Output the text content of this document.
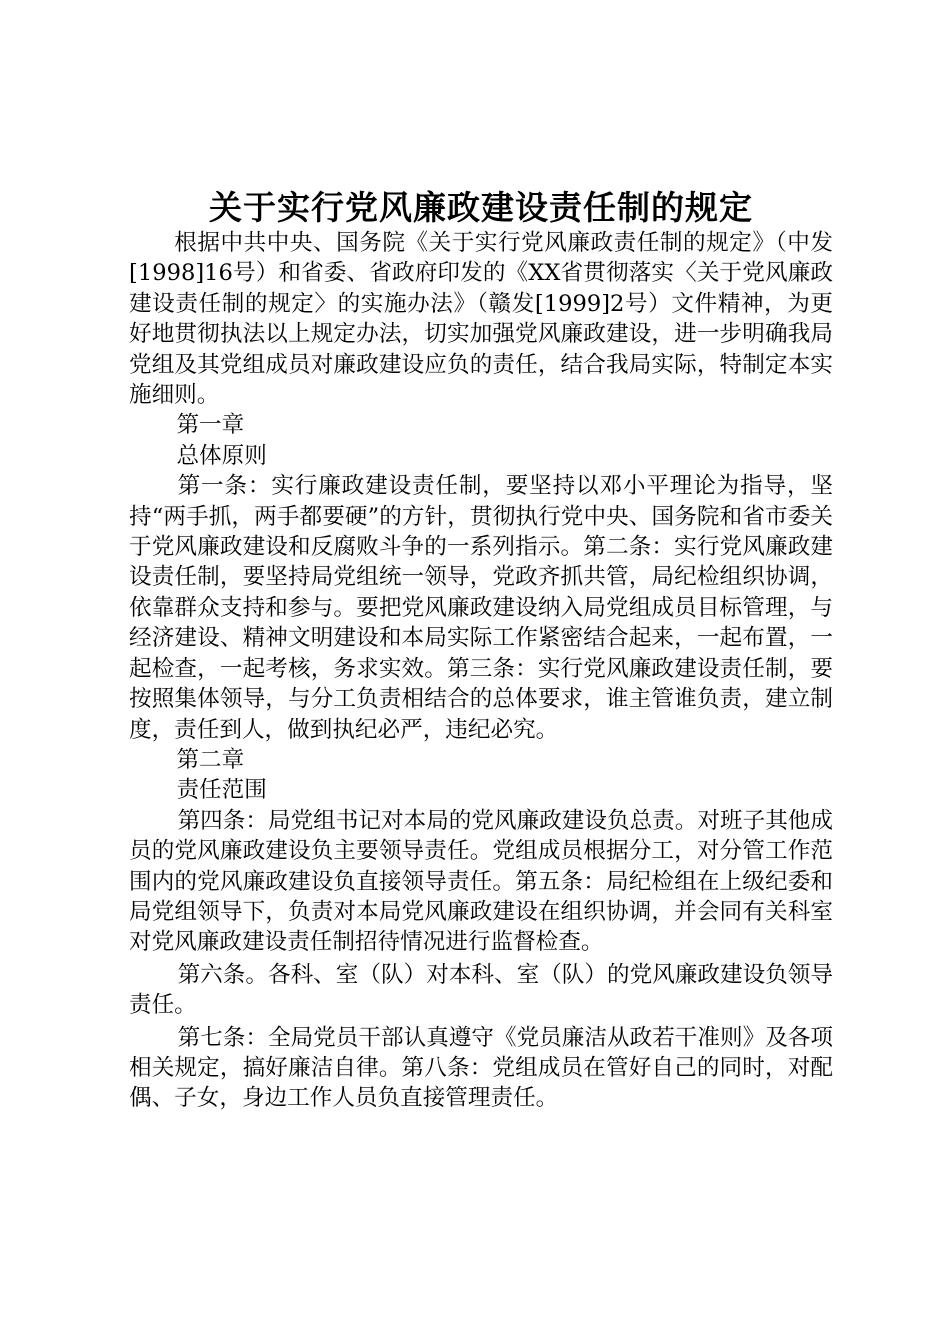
关于实行党风廉政建设责任制的规定

根据中共中央、国务院《关于实行党风廉政责任制的规定》（中发[1998]16号）和省委、省政府印发的《XX省贯彻落实〈关于党风廉政建设责任制的规定〉的实施办法》（赣发[1999]2号）文件精神，为更好地贯彻执法以上规定办法，切实加强党风廉政建设，进一步明确我局党组及其党组成员对廉政建设应负的责任，结合我局实际，特制定本实施细则。

第一章

总体原则

第一条：实行廉政建设责任制，要坚持以邓小平理论为指导，坚持“两手抓，两手都要硬”的方针，贯彻执行党中央、国务院和省市委关于党风廉政建设和反腐败斗争的一系列指示。第二条：实行党风廉政建设责任制，要坚持局党组统一领导，党政齐抓共管，局纪检组织协调，依靠群众支持和参与。要把党风廉政建设纳入局党组成员目标管理，与经济建设、精神文明建设和本局实际工作紧密结合起来，一起布置，一起检查，一起考核，务求实效。第三条：实行党风廉政建设责任制，要按照集体领导，与分工负责相结合的总体要求，谁主管谁负责，建立制度，责任到人，做到执纪必严，违纪必究。

第二章

责任范围

第四条：局党组书记对本局的党风廉政建设负总责。对班子其他成员的党风廉政建设负主要领导责任。党组成员根据分工，对分管工作范围内的党风廉政建设负直接领导责任。第五条：局纪检组在上级纪委和局党组领导下，负责对本局党风廉政建设在组织协调，并会同有关科室对党风廉政建设责任制招待情况进行监督检查。

第六条。各科、室（队）对本科、室（队）的党风廉政建设负领导责任。

第七条：全局党员干部认真遵守《党员廉洁从政若干准则》及各项相关规定，搞好廉洁自律。第八条：党组成员在管好自己的同时，对配偶、子女，身边工作人员负直接管理责任。
